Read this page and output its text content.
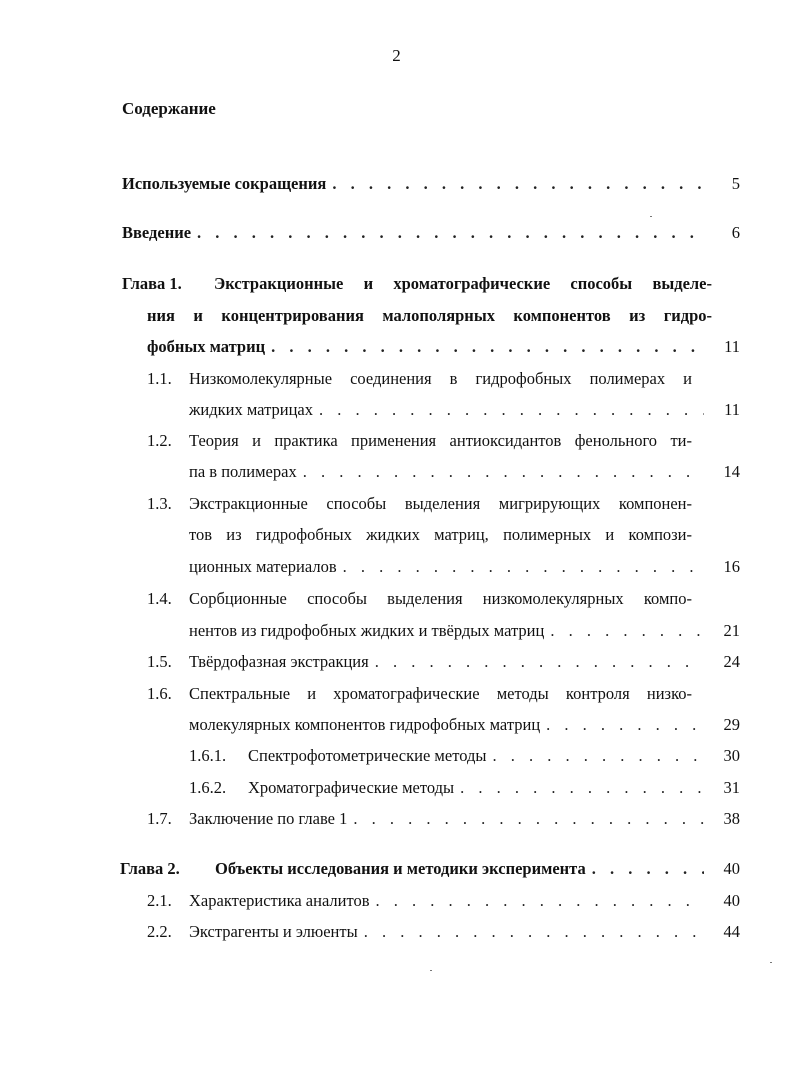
2
Содержание
Используемые сокращения . . .	5
Введение . . .	6
Глава 1.	Экстракционные и хроматографические способы выделе-
ния и концентрирования малополярных компонентов из гидро-
фобных матриц . . .	11
1.1.	Низкомолекулярные соединения в гидрофобных полимерах и
жидких матрицах . . .	11
1.2.	Теория и практика применения антиоксидантов фенольного ти-
па в полимерах . . .	14
1.3.	Экстракционные способы выделения мигрирующих компонен-
тов из гидрофобных жидких матриц, полимерных и компози-
ционных материалов . . .	16
1.4.	Сорбционные способы выделения низкомолекулярных компо-
нентов из гидрофобных жидких и твёрдых матриц . . .	21
1.5.	Твёрдофазная экстракция . . .	24
1.6.	Спектральные и хроматографические методы контроля низко-
молекулярных компонентов гидрофобных матриц . . .	29
1.6.1.	Спектрофотометрические методы . . .	30
1.6.2.	Хроматографические методы . . .	31
1.7.	Заключение по главе 1 . . .	38
Глава 2.	Объекты исследования и методики эксперимента . . .	40
2.1.	Характеристика аналитов . . .	40
2.2.	Экстрагенты и элюенты . . .	44
